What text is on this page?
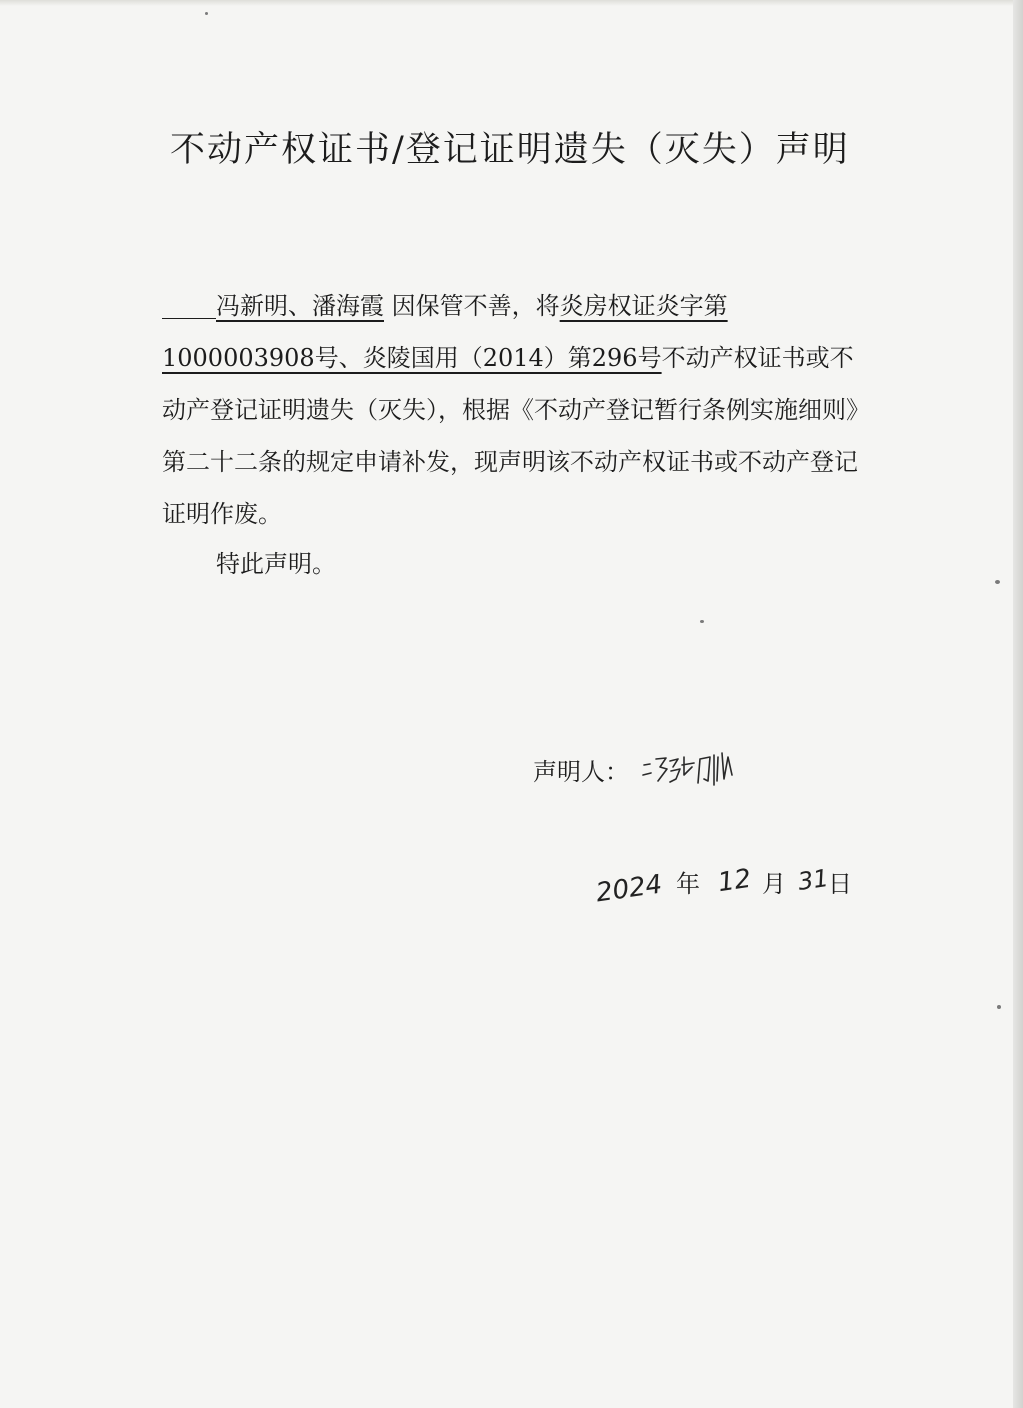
不动产权证书/登记证明遗失（灭失）声明

冯新明、潘海霞 因保管不善，将炎房权证炎字第1000003908号、炎陵国用（2014）第296号不动产权证书或不动产登记证明遗失（灭失），根据《不动产登记暂行条例实施细则》第二十二条的规定申请补发，现声明该不动产权证书或不动产登记证明作废。

特此声明。

声明人：

2024 年 12 月 31
日
